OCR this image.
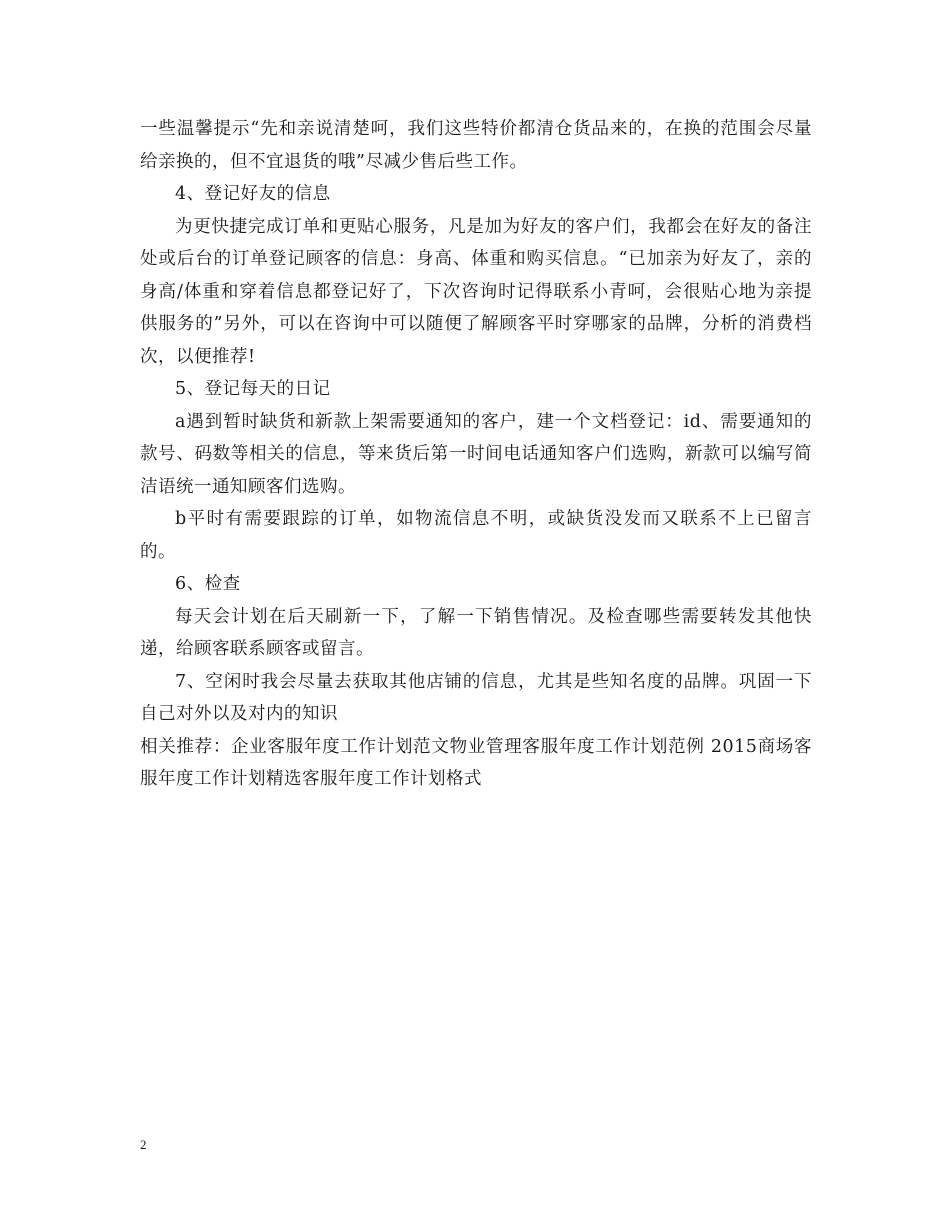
一些温馨提示“先和亲说清楚呵，我们这些特价都清仓货品来的，在换的范围会尽量给亲换的，但不宜退货的哦”尽减少售后些工作。

4、登记好友的信息

为更快捷完成订单和更贴心服务，凡是加为好友的客户们，我都会在好友的备注处或后台的订单登记顾客的信息：身高、体重和购买信息。“已加亲为好友了，亲的身高/体重和穿着信息都登记好了，下次咨询时记得联系小青呵，会很贴心地为亲提供服务的”另外，可以在咨询中可以随便了解顾客平时穿哪家的品牌，分析的消费档次，以便推荐!

5、登记每天的日记

a遇到暂时缺货和新款上架需要通知的客户，建一个文档登记：id、需要通知的款号、码数等相关的信息，等来货后第一时间电话通知客户们选购，新款可以编写简洁语统一通知顾客们选购。

b平时有需要跟踪的订单，如物流信息不明，或缺货没发而又联系不上已留言的。

6、检查

每天会计划在后天刷新一下，了解一下销售情况。及检查哪些需要转发其他快递，给顾客联系顾客或留言。

7、空闲时我会尽量去获取其他店铺的信息，尤其是些知名度的品牌。巩固一下自己对外以及对内的知识

相关推荐：企业客服年度工作计划范文物业管理客服年度工作计划范例 2015商场客服年度工作计划精选客服年度工作计划格式

2
